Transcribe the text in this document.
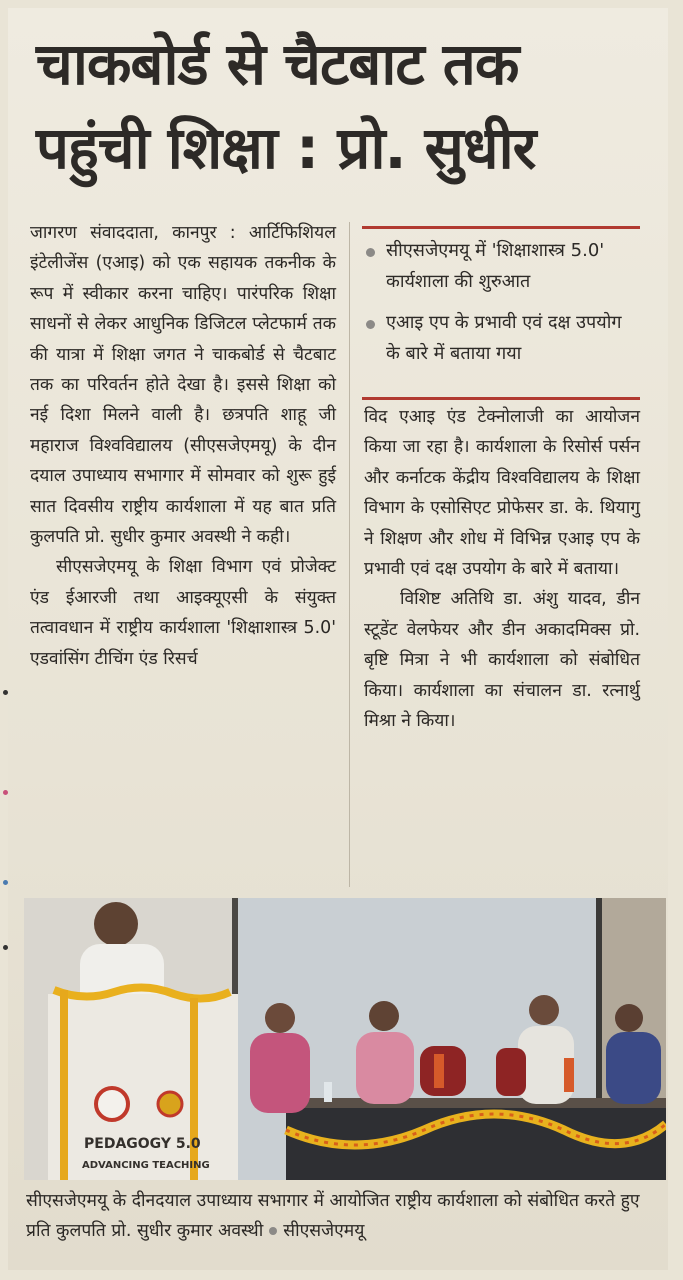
चाकबोर्ड से चैटबाट तक
पहुंची शिक्षा : प्रो. सुधीर

जागरण संवाददाता, कानपुर : आर्टिफिशियल इंटेलीजेंस (एआइ) को एक सहायक तकनीक के रूप में स्वीकार करना चाहिए। पारंपरिक शिक्षा साधनों से लेकर आधुनिक डिजिटल प्लेटफार्म तक की यात्रा में शिक्षा जगत ने चाकबोर्ड से चैटबाट तक का परिवर्तन होते देखा है। इससे शिक्षा को नई दिशा मिलने वाली है। छत्रपति शाहू जी महाराज विश्वविद्यालय (सीएसजेएमयू) के दीन दयाल उपाध्याय सभागार में सोमवार को शुरू हुई सात दिवसीय राष्ट्रीय कार्यशाला में यह बात प्रति कुलपति प्रो. सुधीर कुमार अवस्थी ने कही।

सीएसजेएमयू के शिक्षा विभाग एवं प्रोजेक्ट एंड ईआरजी तथा आइक्यूएसी के संयुक्त तत्वावधान में राष्ट्रीय कार्यशाला 'शिक्षाशास्त्र 5.0' एडवांसिंग टीचिंग एंड रिसर्च

सीएसजेएमयू में 'शिक्षाशास्त्र 5.0' कार्यशाला की शुरुआत
एआइ एप के प्रभावी एवं दक्ष उपयोग के बारे में बताया गया

विद एआइ एंड टेक्नोलाजी का आयोजन किया जा रहा है। कार्यशाला के रिसोर्स पर्सन और कर्नाटक केंद्रीय विश्वविद्यालय के शिक्षा विभाग के एसोसिएट प्रोफेसर डा. के. थियागु ने शिक्षण और शोध में विभिन्न एआइ एप के प्रभावी एवं दक्ष उपयोग के बारे में बताया।

विशिष्ट अतिथि डा. अंशु यादव, डीन स्टूडेंट वेलफेयर और डीन अकादमिक्स प्रो. बृष्टि मित्रा ने भी कार्यशाला को संबोधित किया। कार्यशाला का संचालन डा. रत्नार्थु मिश्रा ने किया।

PEDAGOGY 5.0
ADVANCING TEACHING
सीएसजेएमयू के दीनदयाल उपाध्याय सभागार में आयोजित राष्ट्रीय कार्यशाला को संबोधित करते हुए प्रति कुलपति प्रो. सुधीर कुमार अवस्थी सीएसजेएमयू
